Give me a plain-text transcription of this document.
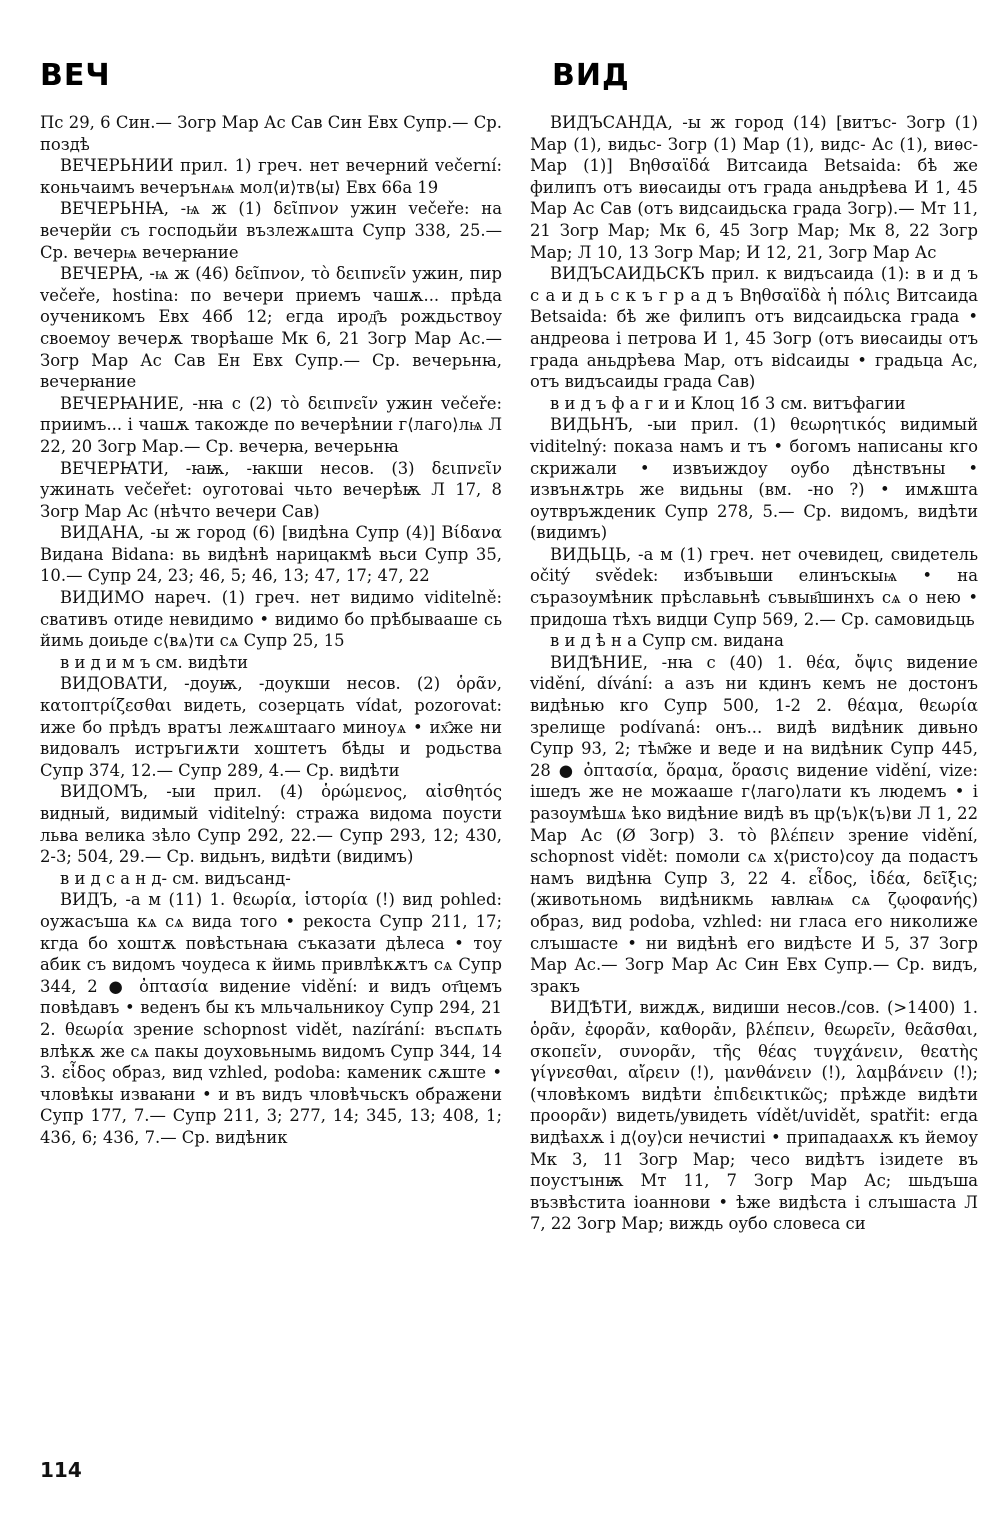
ВЕЧ	ВИД

Пс 29, 6 Син.— Зогр Мар Ас Сав Син Евх Супр.— Ср. поздѣ

ВЕЧЕРЬНИИ прил. 1) греч. нет вечерний večerní: коньчаимъ вечерънѧѩ мол⟨и⟩тв⟨ы⟩ Евх 66а 19

ВЕЧЕРЬНꙖ, -ѩ ж (1) δεῖπνον ужин večeře: на вечерйи съ господьйи възлежѧшта Супр 338, 25.— Ср. вечерѩ вечерꙗние

ВЕЧЕРꙖ, -ѩ ж (46) δεῖπνον, τὸ δειπνεῖν ужин, пир večeře, hostina: по вечери приемъ чашѫ... прѣда оученикомъ Евх 46б 12; егда ирод҄ъ рождьствоу своемоу вечерѫ творѣаше Мк 6, 21 Зогр Мар Ас.— Зогр Мар Ас Сав Ен Евх Супр.— Ср. вечерьнꙗ, вечерꙗние

ВЕЧЕРꙖНИЕ, -нꙗ с (2) τὸ δειπνεῖν ужин večeře: приимъ... і чашѫ такожде по вечерѣнии г⟨лаго⟩лѩ Л 22, 20 Зогр Мар.— Ср. вечерꙗ, вечерьнꙗ

ВЕЧЕРꙖТИ, -ꙗѭ, -ꙗкши несов. (3) δειπνεῖν ужинать večeřet: оуготоваі чьто вечерѣѭ Л 17, 8 Зогр Мар Ас (нѣчто вечери Сав)

ВИДАНА, -ы ж город (6) [видѣна Супр (4)] Βίδανα Видана Bidana: вь видѣнѣ нарицакмѣ вьси Супр 35, 10.— Супр 24, 23; 46, 5; 46, 13; 47, 17; 47, 22

ВИДИМО нареч. (1) греч. нет видимо viditelně: свативъ отиде невидимо • видимо бо прѣбывааше сь йимь доиьде с⟨вѧ⟩ти сѧ Супр 25, 15

в и д и м ъ см. видѣти

ВИДОВАТИ, -доуѭ, -доукши несов. (2) ὁρᾶν, κατοπτρίζεσθαι видеть, созерцать vídat, pozorovat: иже бо прѣдъ вратъı лежѧштааго миноуѧ • их҄же ни видовалъ истръгиѫти хоштетъ бѣды и родьства Супр 374, 12.— Супр 289, 4.— Ср. видѣти

ВИДОМЪ, -ыи прил. (4) ὁρώμενος, αἰσθητός видный, видимый viditelný: стража видома поусти льва велика зѣло Супр 292, 22.— Супр 293, 12; 430, 2-3; 504, 29.— Ср. видьнъ, видѣти (видимъ)

в и д с а н д- см. видъсанд-

ВИДЪ, -а м (11) 1. θεωρία, ἱστορία (!) вид pohled: оужасъша кѧ сѧ вида того • рекоста Супр 211, 17; кгда бо хоштѫ повѣстьнаꙗ съказати дѣлеса • тоу абик съ видомъ чоудеса к йимь привлѣкѫтъ сѧ Супр 344, 2 ● ὀπτασία видение vidění: и видъ от҄цемъ повѣдавъ • веденъ бы къ мльчальникоу Супр 294, 21 2. θεωρία зрение schopnost vidět, nazírání: въспѧть влѣкѫ же сѧ пакы доуховьнымь видомъ Супр 344, 14 3. εἶδος образ, вид vzhled, podoba: каменик сѫште • чловѣкы изваꙗни • и въ видъ чловѣчьскъ ображени Супр 177, 7.— Супр 211, 3; 277, 14; 345, 13; 408, 1; 436, 6; 436, 7.— Ср. видѣник

ВИДЪСАНДА, -ы ж город (14) [витъс- Зогр (1) Мар (1), видьс- Зогр (1) Мар (1), видс- Ас (1), виѳс- Мар (1)] Βηθσαϊδά Витсаида Betsaida: бѣ же филипъ отъ виѳсаиды отъ града аньдрѣева И 1, 45 Мар Ас Сав (отъ видсаидьска града Зогр).— Мт 11, 21 Зогр Мар; Мк 6, 45 Зогр Мар; Мк 8, 22 Зогр Мар; Л 10, 13 Зогр Мар; И 12, 21, Зогр Мар Ас

ВИДЪСАИДЬСКЪ прил. к видъсаида (1): в и д ъ с а и д ь с к ъ г р а д ъ Βηθσαϊδὰ ἡ πόλις Витсаида Betsaida: бѣ же филипъ отъ видсаидьска града • андреова і петрова И 1, 45 Зогр (отъ виѳсаиды отъ града аньдрѣева Мар, отъ віdсаиды • градьца Ас, отъ видъсаиды града Сав)

в и д ъ ф а г и и Клоц 1б 3 см. витъфагии

ВИДЬНЪ, -ыи прил. (1) θεωρητικός видимый viditelný: показа намъ и тъ • богомъ написаны кго скрижали • извъиждоу оубо дѣнствъны • извънѫтрь же видьны (вм. -но ?) • имѫшта оутвръжденик Супр 278, 5.— Ср. видомъ, видѣти (видимъ)

ВИДЬЦЬ, -а м (1) греч. нет очевидец, свидетель očitý svědek: избъıвьши елинъскыѩ • на съразоумѣник прѣславьнѣ съвыв҄шинхъ сѧ о нею • придоша тѣхъ видци Супр 569, 2.— Ср. самовидьць

в и д ѣ н а Супр см. видана

ВИДѢНИЕ, -нꙗ с (40) 1. θέα, ὄψις видение vidění, dívání: а азъ ни кдинъ кемъ не достонъ видѣнью кго Супр 500, 1-2 2. θέαμα, θεωρία зрелище podívaná: онъ... видѣ видѣник дивьно Супр 93, 2; тѣм҄же и веде и на видѣник Супр 445, 28 ● ὀπτασία, ὅραμα, ὅρασις видение vidění, vize: ішедъ же не можааше г⟨лаго⟩лати къ людемъ • і разоумѣшѧ ѣко видѣние видѣ въ цр⟨ъ⟩к⟨ъ⟩ви Л 1, 22 Мар Ас (Ø Зогр) 3. τὸ βλέπειν зрение vidění, schopnost vidět: помоли сѧ х⟨ристо⟩соу да подастъ намъ видѣнꙗ Супр 3, 22 4. εἶδος, ἰδέα, δεῖξις; (животьномь видѣникмь ꙗвлꙗѩ сѧ ζῳοφανής) образ, вид podoba, vzhled: ни гласа его николиже слъıшасте • ни видѣнѣ его видѣсте И 5, 37 Зогр Мар Ас.— Зогр Мар Ас Син Евх Супр.— Ср. видъ, зракъ

ВИДѢТИ, виждѫ, видиши несов./сов. (>1400) 1. ὁρᾶν, ἐφορᾶν, καθορᾶν, βλέπειν, θεωρεῖν, θεᾶσθαι, σκοπεῖν, συνορᾶν, τῆς θέας τυγχάνειν, θεατὴς γίγνεσθαι, αἴρειν (!), μανθάνειν (!), λαμβάνειν (!); (чловѣкомъ видѣти ἐπιδεικτικῶς; прѣжде видѣти προορᾶν) видеть/увидеть vídět/uvidět, spatřit: егда видѣахѫ і д⟨оу⟩си нечистиі • припадаахѫ къ йемоу Мк 3, 11 Зогр Мар; чесо видѣтъ ізидете въ поустъıнѭ Мт 11, 7 Зогр Мар Ас; шьдъша възвѣстита іоаннови • ѣже видѣста і слъıшаста Л 7, 22 Зогр Мар; виждь оубо словеса си

114
